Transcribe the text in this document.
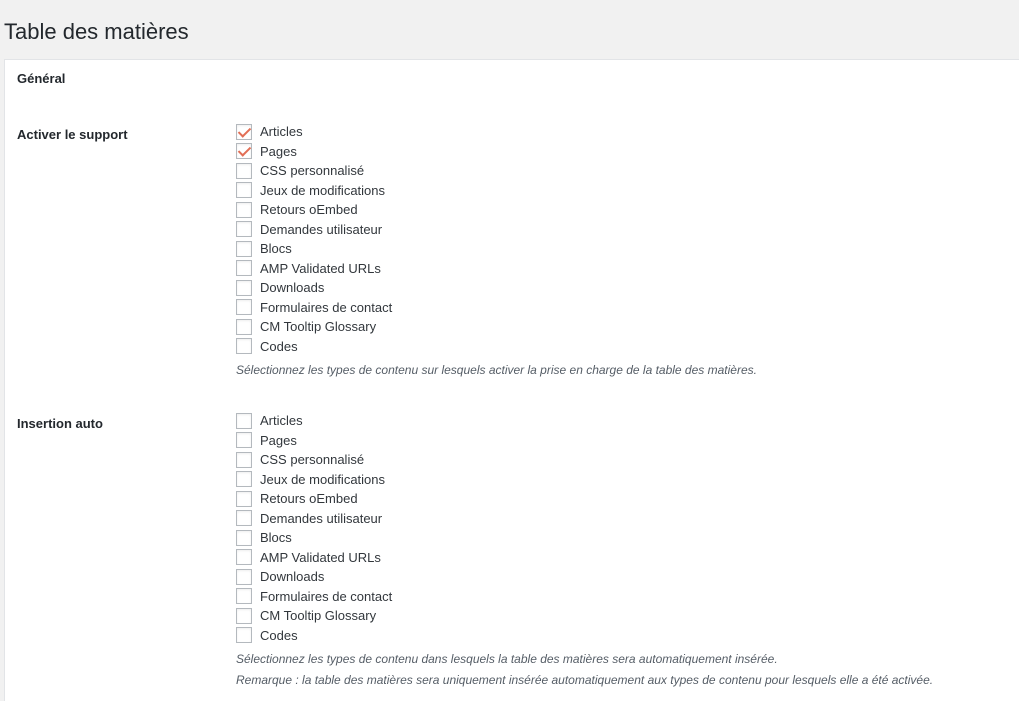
Table des matières
Général
Activer le support	Articles
Pages
CSS personnalisé
Jeux de modifications
Retours oEmbed
Demandes utilisateur
Blocs
AMP Validated URLs
Downloads
Formulaires de contact
CM Tooltip Glossary
Codes
Sélectionnez les types de contenu sur lesquels activer la prise en charge de la table des matières.
Insertion auto	Articles
Pages
CSS personnalisé
Jeux de modifications
Retours oEmbed
Demandes utilisateur
Blocs
AMP Validated URLs
Downloads
Formulaires de contact
CM Tooltip Glossary
Codes
Sélectionnez les types de contenu dans lesquels la table des matières sera automatiquement insérée.
Remarque : la table des matières sera uniquement insérée automatiquement aux types de contenu pour lesquels elle a été activée.
